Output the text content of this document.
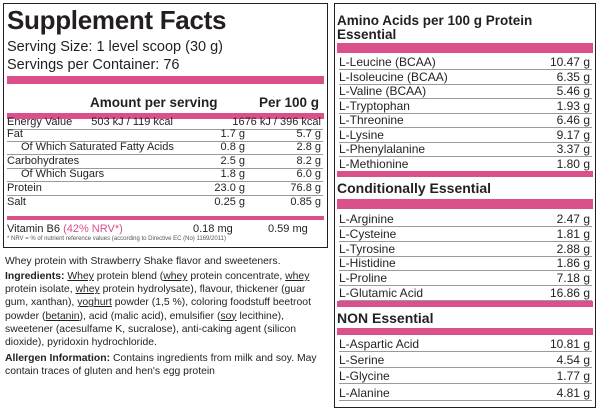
Supplement Facts
Serving Size: 1 level scoop (30 g)
Servings per Container: 76
Amount per serving	Per 100 g
Energy Value 503 kJ / 119 kcal	1676 kJ / 396 kcal
Fat	1.7 g	5.7 g
Of Which Saturated Fatty Acids	0.8 g	2.8 g
Carbohydrates	2.5 g	8.2 g
Of Which Sugars	1.8 g	6.0 g
Protein	23.0 g	76.8 g
Salt	0.25 g	0.85 g
Vitamin B6 (42% NRV*)	0.18 mg	0.59 mg
* NRV = % of nutrient reference values (according to Directive EC (No) 1169/2011)
Whey protein with Strawberry Shake flavor and sweeteners.
Ingredients: Whey protein blend (whey protein concentrate, whey protein isolate, whey protein hydrolysate), flavour, thickener (guar gum, xanthan), yoghurt powder (1,5 %), coloring foodstuff beetroot powder (betanin), acid (malic acid), emulsifier (soy lecithine), sweetener (acesulfame K, sucralose), anti-caking agent (silicon dioxide), pyridoxin hydrochloride.
Allergen Information: Contains ingredients from milk and soy. May contain traces of gluten and hen's egg protein
Amino Acids per 100 g Protein
Essential
L-Leucine (BCAA)	10.47 g
L-Isoleucine (BCAA)	6.35 g
L-Valine (BCAA)	5.46 g
L-Tryptophan	1.93 g
L-Threonine	6.46 g
L-Lysine	9.17 g
L-Phenylalanine	3.37 g
L-Methionine	1.80 g
Conditionally Essential
L-Arginine	2.47 g
L-Cysteine	1.81 g
L-Tyrosine	2.88 g
L-Histidine	1.86 g
L-Proline	7.18 g
L-Glutamic Acid	16.86 g
NON Essential
L-Aspartic Acid	10.81 g
L-Serine	4.54 g
L-Glycine	1.77 g
L-Alanine	4.81 g
